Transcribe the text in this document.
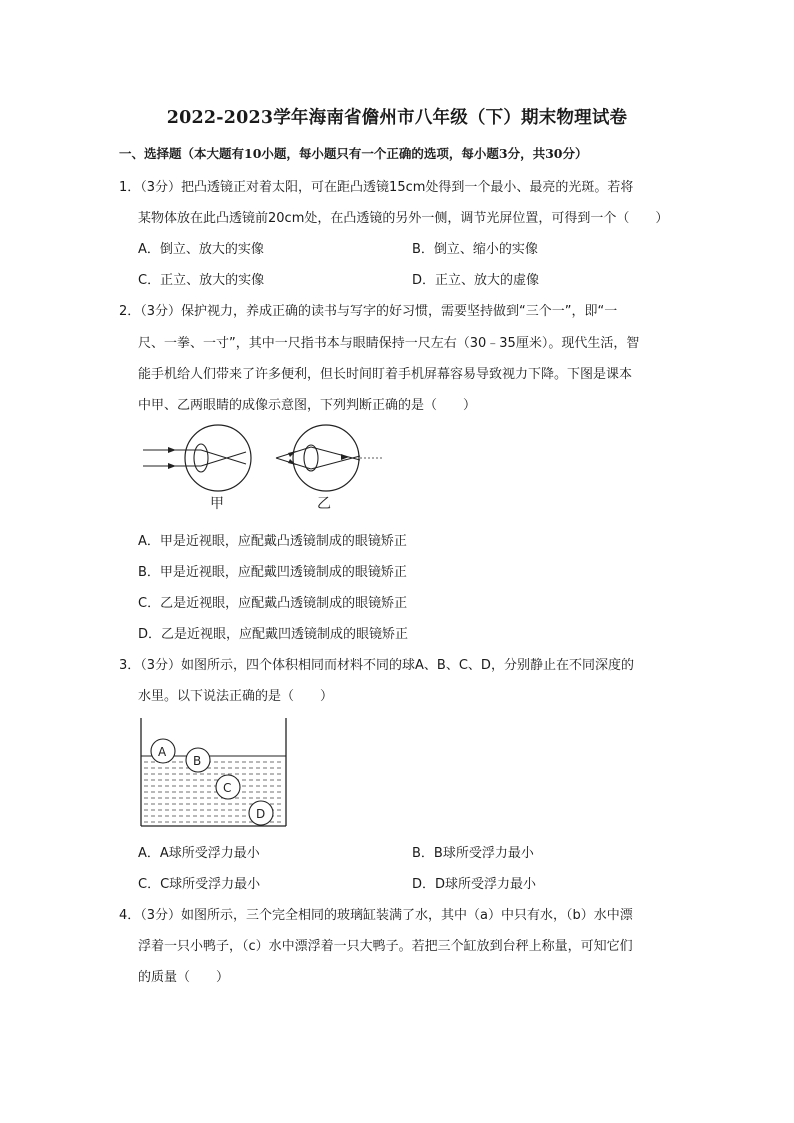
2022-2023学年海南省儋州市八年级（下）期末物理试卷
一、选择题（本大题有10小题，每小题只有一个正确的选项，每小题3分，共30分）
1．（3分）把凸透镜正对着太阳，可在距凸透镜15cm处得到一个最小、最亮的光斑。若将
某物体放在此凸透镜前20cm处，在凸透镜的另外一侧，调节光屏位置，可得到一个（　　）
A．倒立、放大的实像	B．倒立、缩小的实像
C．正立、放大的实像	D．正立、放大的虚像
2．（3分）保护视力，养成正确的读书与写字的好习惯，需要坚持做到“三个一”，即“一
尺、一拳、一寸”，其中一尺指书本与眼睛保持一尺左右（30﹣35厘米）。现代生活，智
能手机给人们带来了许多便利，但长时间盯着手机屏幕容易导致视力下降。下图是课本
中甲、乙两眼睛的成像示意图，下列判断正确的是（　　）
甲	乙
A．甲是近视眼，应配戴凸透镜制成的眼镜矫正
B．甲是近视眼，应配戴凹透镜制成的眼镜矫正
C．乙是近视眼，应配戴凸透镜制成的眼镜矫正
D．乙是近视眼，应配戴凹透镜制成的眼镜矫正
3．（3分）如图所示，四个体积相同而材料不同的球A、B、C、D，分别静止在不同深度的
水里。以下说法正确的是（　　）
A
B
C
D
A．A球所受浮力最小	B．B球所受浮力最小
C．C球所受浮力最小	D．D球所受浮力最小
4．（3分）如图所示，三个完全相同的玻璃缸装满了水，其中（a）中只有水，（b）水中漂
浮着一只小鸭子，（c）水中漂浮着一只大鸭子。若把三个缸放到台秤上称量，可知它们
的质量（　　）
